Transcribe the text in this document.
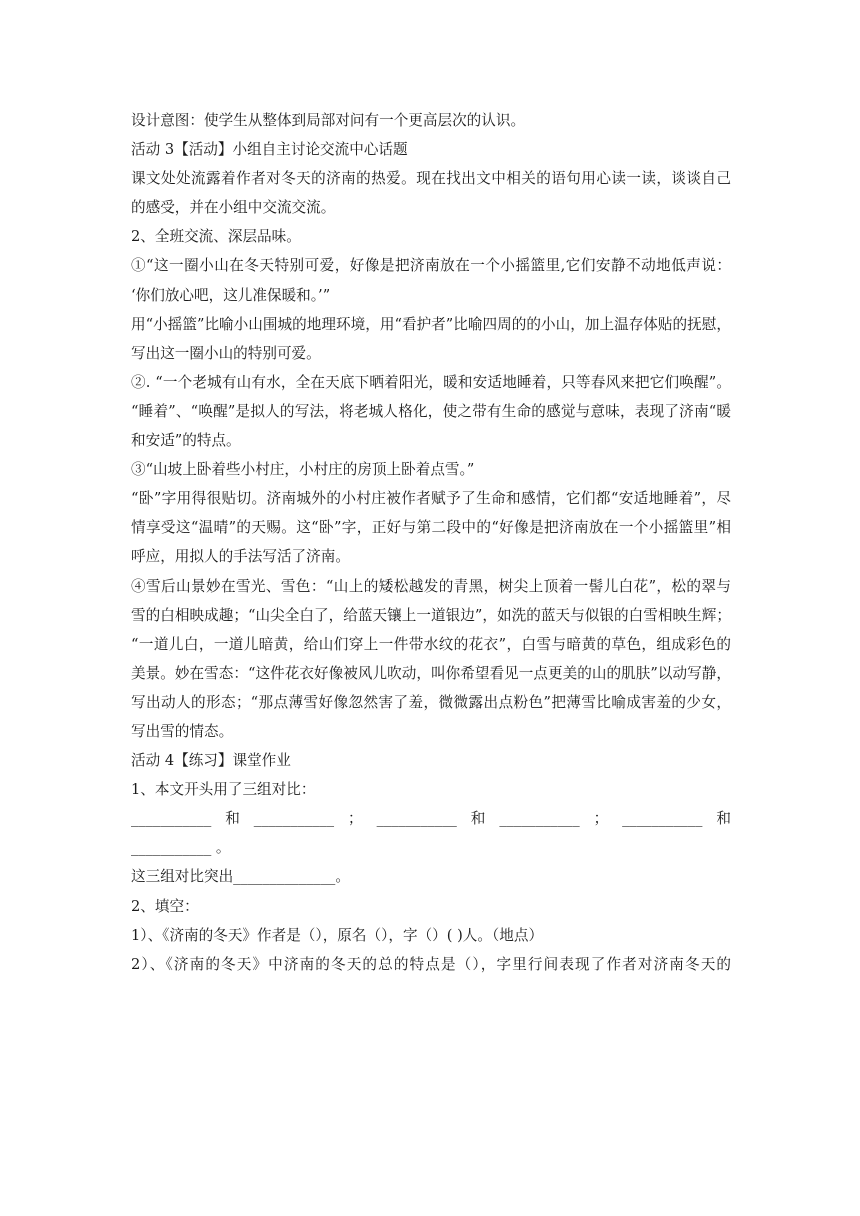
设计意图：使学生从整体到局部对问有一个更高层次的认识。
活动 3【活动】小组自主讨论交流中心话题
课文处处流露着作者对冬天的济南的热爱。现在找出文中相关的语句用心读一读，谈谈自己
的感受，并在小组中交流交流。
2、全班交流、深层品味。
①“这一圈小山在冬天特别可爱，好像是把济南放在一个小摇篮里,它们安静不动地低声说：
‘你们放心吧，这儿准保暖和。’”
用“小摇篮”比喻小山围城的地理环境，用“看护者”比喻四周的的小山，加上温存体贴的抚慰，
写出这一圈小山的特别可爱。
②. “一个老城有山有水，全在天底下晒着阳光，暖和安适地睡着，只等春风来把它们唤醒”。
“睡着”、“唤醒”是拟人的写法，将老城人格化，使之带有生命的感觉与意味，表现了济南“暖
和安适”的特点。
③“山坡上卧着些小村庄，小村庄的房顶上卧着点雪。”
“卧”字用得很贴切。济南城外的小村庄被作者赋予了生命和感情，它们都“安适地睡着”，尽
情享受这“温晴”的天赐。这“卧”字，正好与第二段中的“好像是把济南放在一个小摇篮里”相
呼应，用拟人的手法写活了济南。
④雪后山景妙在雪光、雪色：“山上的矮松越发的青黑，树尖上顶着一髻儿白花”，松的翠与
雪的白相映成趣；“山尖全白了，给蓝天镶上一道银边”，如洗的蓝天与似银的白雪相映生辉；
“一道儿白，一道儿暗黄，给山们穿上一件带水纹的花衣”，白雪与暗黄的草色，组成彩色的
美景。妙在雪态：“这件花衣好像被风儿吹动，叫你希望看见一点更美的山的肌肤”以动写静，
写出动人的形态；“那点薄雪好像忽然害了羞，微微露出点粉色”把薄雪比喻成害羞的少女，
写出雪的情态。
活动 4【练习】课堂作业
1、本文开头用了三组对比：
___________ 和 ___________ ； ___________ 和 ___________ ； ___________ 和
___________ 。
这三组对比突出______________。
2、填空：
1）、《济南的冬天》作者是（），原名（），字（）( )人。（地点）
2）、《济南的冬天》中济南的冬天的总的特点是（），字里行间表现了作者对济南冬天的
